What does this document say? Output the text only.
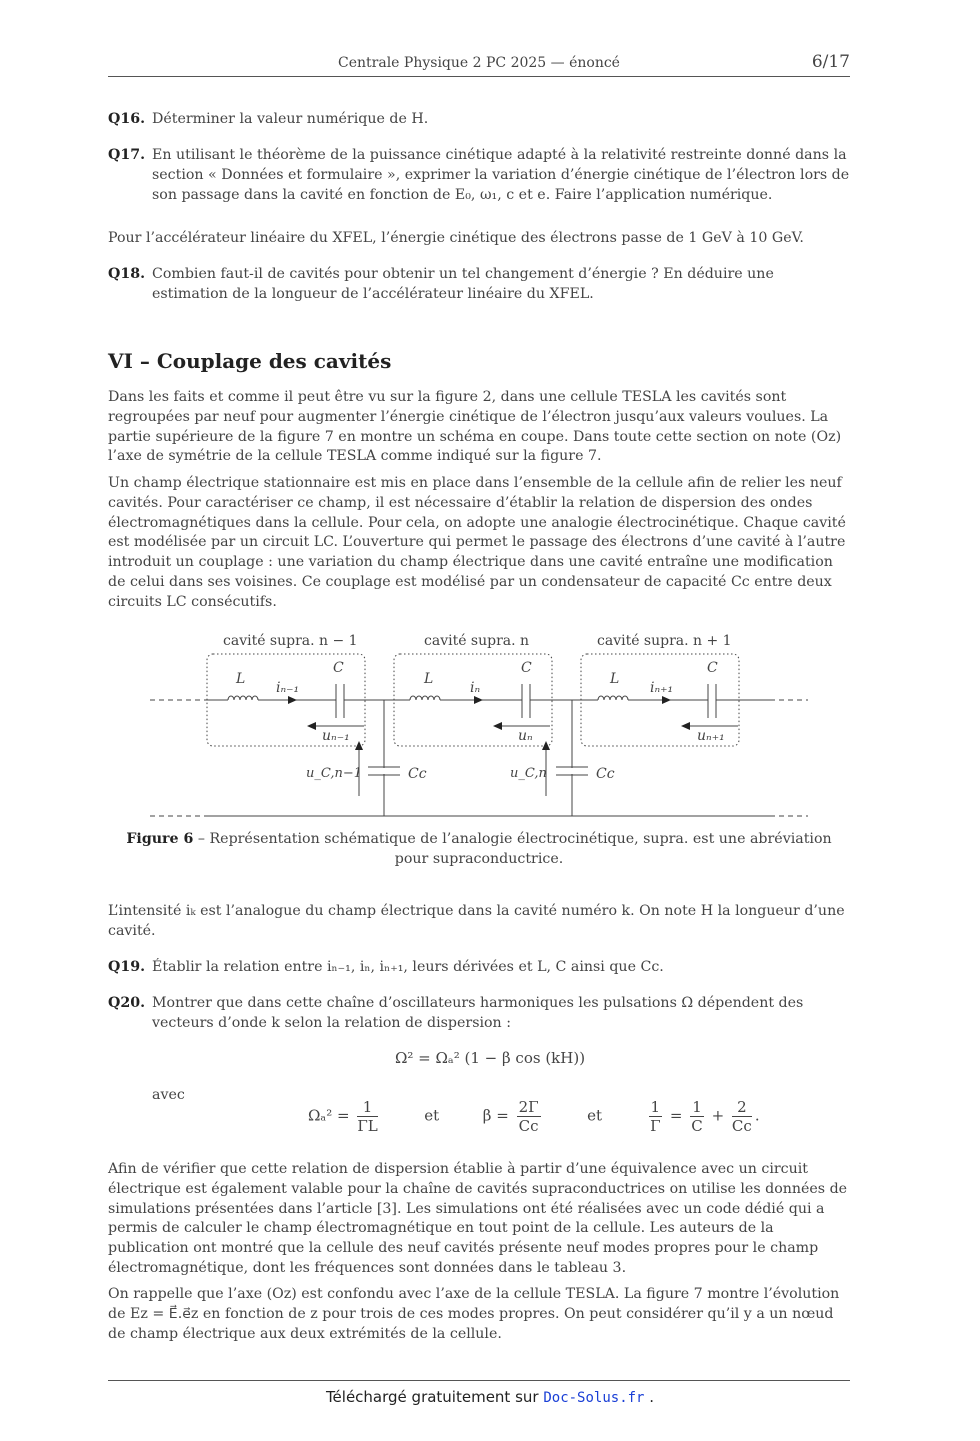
Centrale Physique 2 PC 2025 — énoncé	6/17
Q16. Déterminer la valeur numérique de H.
Q17. En utilisant le théorème de la puissance cinétique adapté à la relativité restreinte donné dans la section « Données et formulaire », exprimer la variation d’énergie cinétique de l’électron lors de son passage dans la cavité en fonction de E₀, ω₁, c et e. Faire l’application numérique.
Pour l’accélérateur linéaire du XFEL, l’énergie cinétique des électrons passe de 1 GeV à 10 GeV.
Q18. Combien faut-il de cavités pour obtenir un tel changement d’énergie ? En déduire une estimation de la longueur de l’accélérateur linéaire du XFEL.
VI – Couplage des cavités
Dans les faits et comme il peut être vu sur la figure 2, dans une cellule TESLA les cavités sont regroupées par neuf pour augmenter l’énergie cinétique de l’électron jusqu’aux valeurs voulues. La partie supérieure de la figure 7 en montre un schéma en coupe. Dans toute cette section on note (Oz) l’axe de symétrie de la cellule TESLA comme indiqué sur la figure 7.
Un champ électrique stationnaire est mis en place dans l’ensemble de la cellule afin de relier les neuf cavités. Pour caractériser ce champ, il est nécessaire d’établir la relation de dispersion des ondes électromagnétiques dans la cellule. Pour cela, on adopte une analogie électrocinétique. Chaque cavité est modélisée par un circuit LC. L’ouverture qui permet le passage des électrons d’une cavité à l’autre introduit un couplage : une variation du champ électrique dans une cavité entraîne une modification de celui dans ses voisines. Ce couplage est modélisé par un condensateur de capacité Cc entre deux circuits LC consécutifs.
cavité supra. n − 1	cavité supra. n	cavité supra. n + 1
L	L	L
C	C	C
iₙ₋₁	iₙ	iₙ₊₁
uₙ₋₁	uₙ	uₙ₊₁
u_C,n−1	u_C,n
Cc	Cc
Figure 6 – Représentation schématique de l’analogie électrocinétique, supra. est une abréviation pour supraconductrice.
L’intensité iₖ est l’analogue du champ électrique dans la cavité numéro k. On note H la longueur d’une cavité.
Q19. Établir la relation entre iₙ₋₁, iₙ, iₙ₊₁, leurs dérivées et L, C ainsi que Cc.
Q20. Montrer que dans cette chaîne d’oscillateurs harmoniques les pulsations Ω dépendent des vecteurs d’onde k selon la relation de dispersion :
Ω² = Ωₐ² (1 − β cos (kH))
avec
$\Omega_a^2 = \frac{1}{\Gamma L}$	et	$\beta = \frac{2\Gamma}{Cc}$	et	$\frac{1}{\Gamma} = \frac{1}{C} + \frac{2}{Cc}$ .
Afin de vérifier que cette relation de dispersion établie à partir d’une équivalence avec un circuit électrique est également valable pour la chaîne de cavités supraconductrices on utilise les données de simulations présentées dans l’article [3]. Les simulations ont été réalisées avec un code dédié qui a permis de calculer le champ électromagnétique en tout point de la cellule. Les auteurs de la publication ont montré que la cellule des neuf cavités présente neuf modes propres pour le champ électromagnétique, dont les fréquences sont données dans le tableau 3.
On rappelle que l’axe (Oz) est confondu avec l’axe de la cellule TESLA. La figure 7 montre l’évolution de Ez = E⃗.e⃗z en fonction de z pour trois de ces modes propres. On peut considérer qu’il y a un nœud de champ électrique aux deux extrémités de la cellule.
Téléchargé gratuitement sur Doc-Solus.fr .
